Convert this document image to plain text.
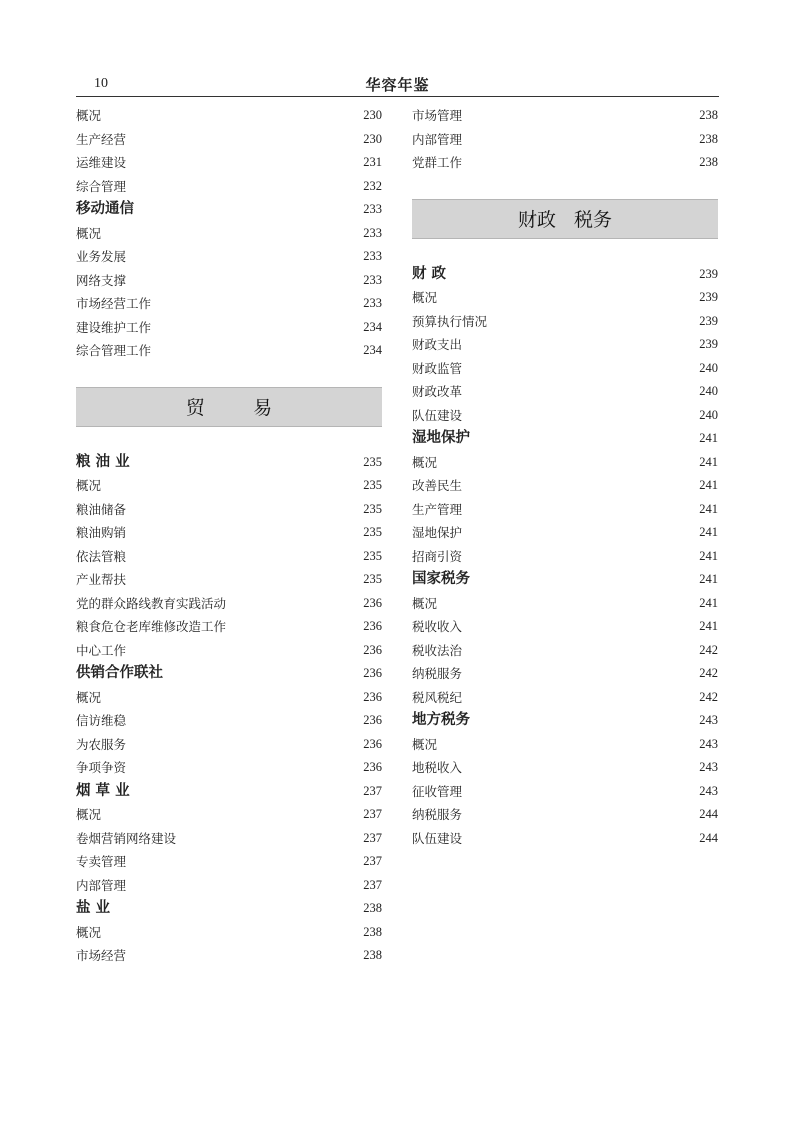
10	华容年鉴
概况	230
生产经营	230
运维建设	231
综合管理	232
移动通信	233
概况	233
业务发展	233
网络支撑	233
市场经营工作	233
建设维护工作	234
综合管理工作	234
贸        易
粮 油 业	235
概况	235
粮油储备	235
粮油购销	235
依法管粮	235
产业帮扶	235
党的群众路线教育实践活动	236
粮食危仓老库维修改造工作	236
中心工作	236
供销合作联社	236
概况	236
信访维稳	236
为农服务	236
争项争资	236
烟 草 业	237
概况	237
卷烟营销网络建设	237
专卖管理	237
内部管理	237
盐 业	238
概况	238
市场经营	238
市场管理	238
内部管理	238
党群工作	238
财政   税务
财 政	239
概况	239
预算执行情况	239
财政支出	239
财政监管	240
财政改革	240
队伍建设	240
湿地保护	241
概况	241
改善民生	241
生产管理	241
湿地保护	241
招商引资	241
国家税务	241
概况	241
税收收入	241
税收法治	242
纳税服务	242
税风税纪	242
地方税务	243
概况	243
地税收入	243
征收管理	243
纳税服务	244
队伍建设	244
